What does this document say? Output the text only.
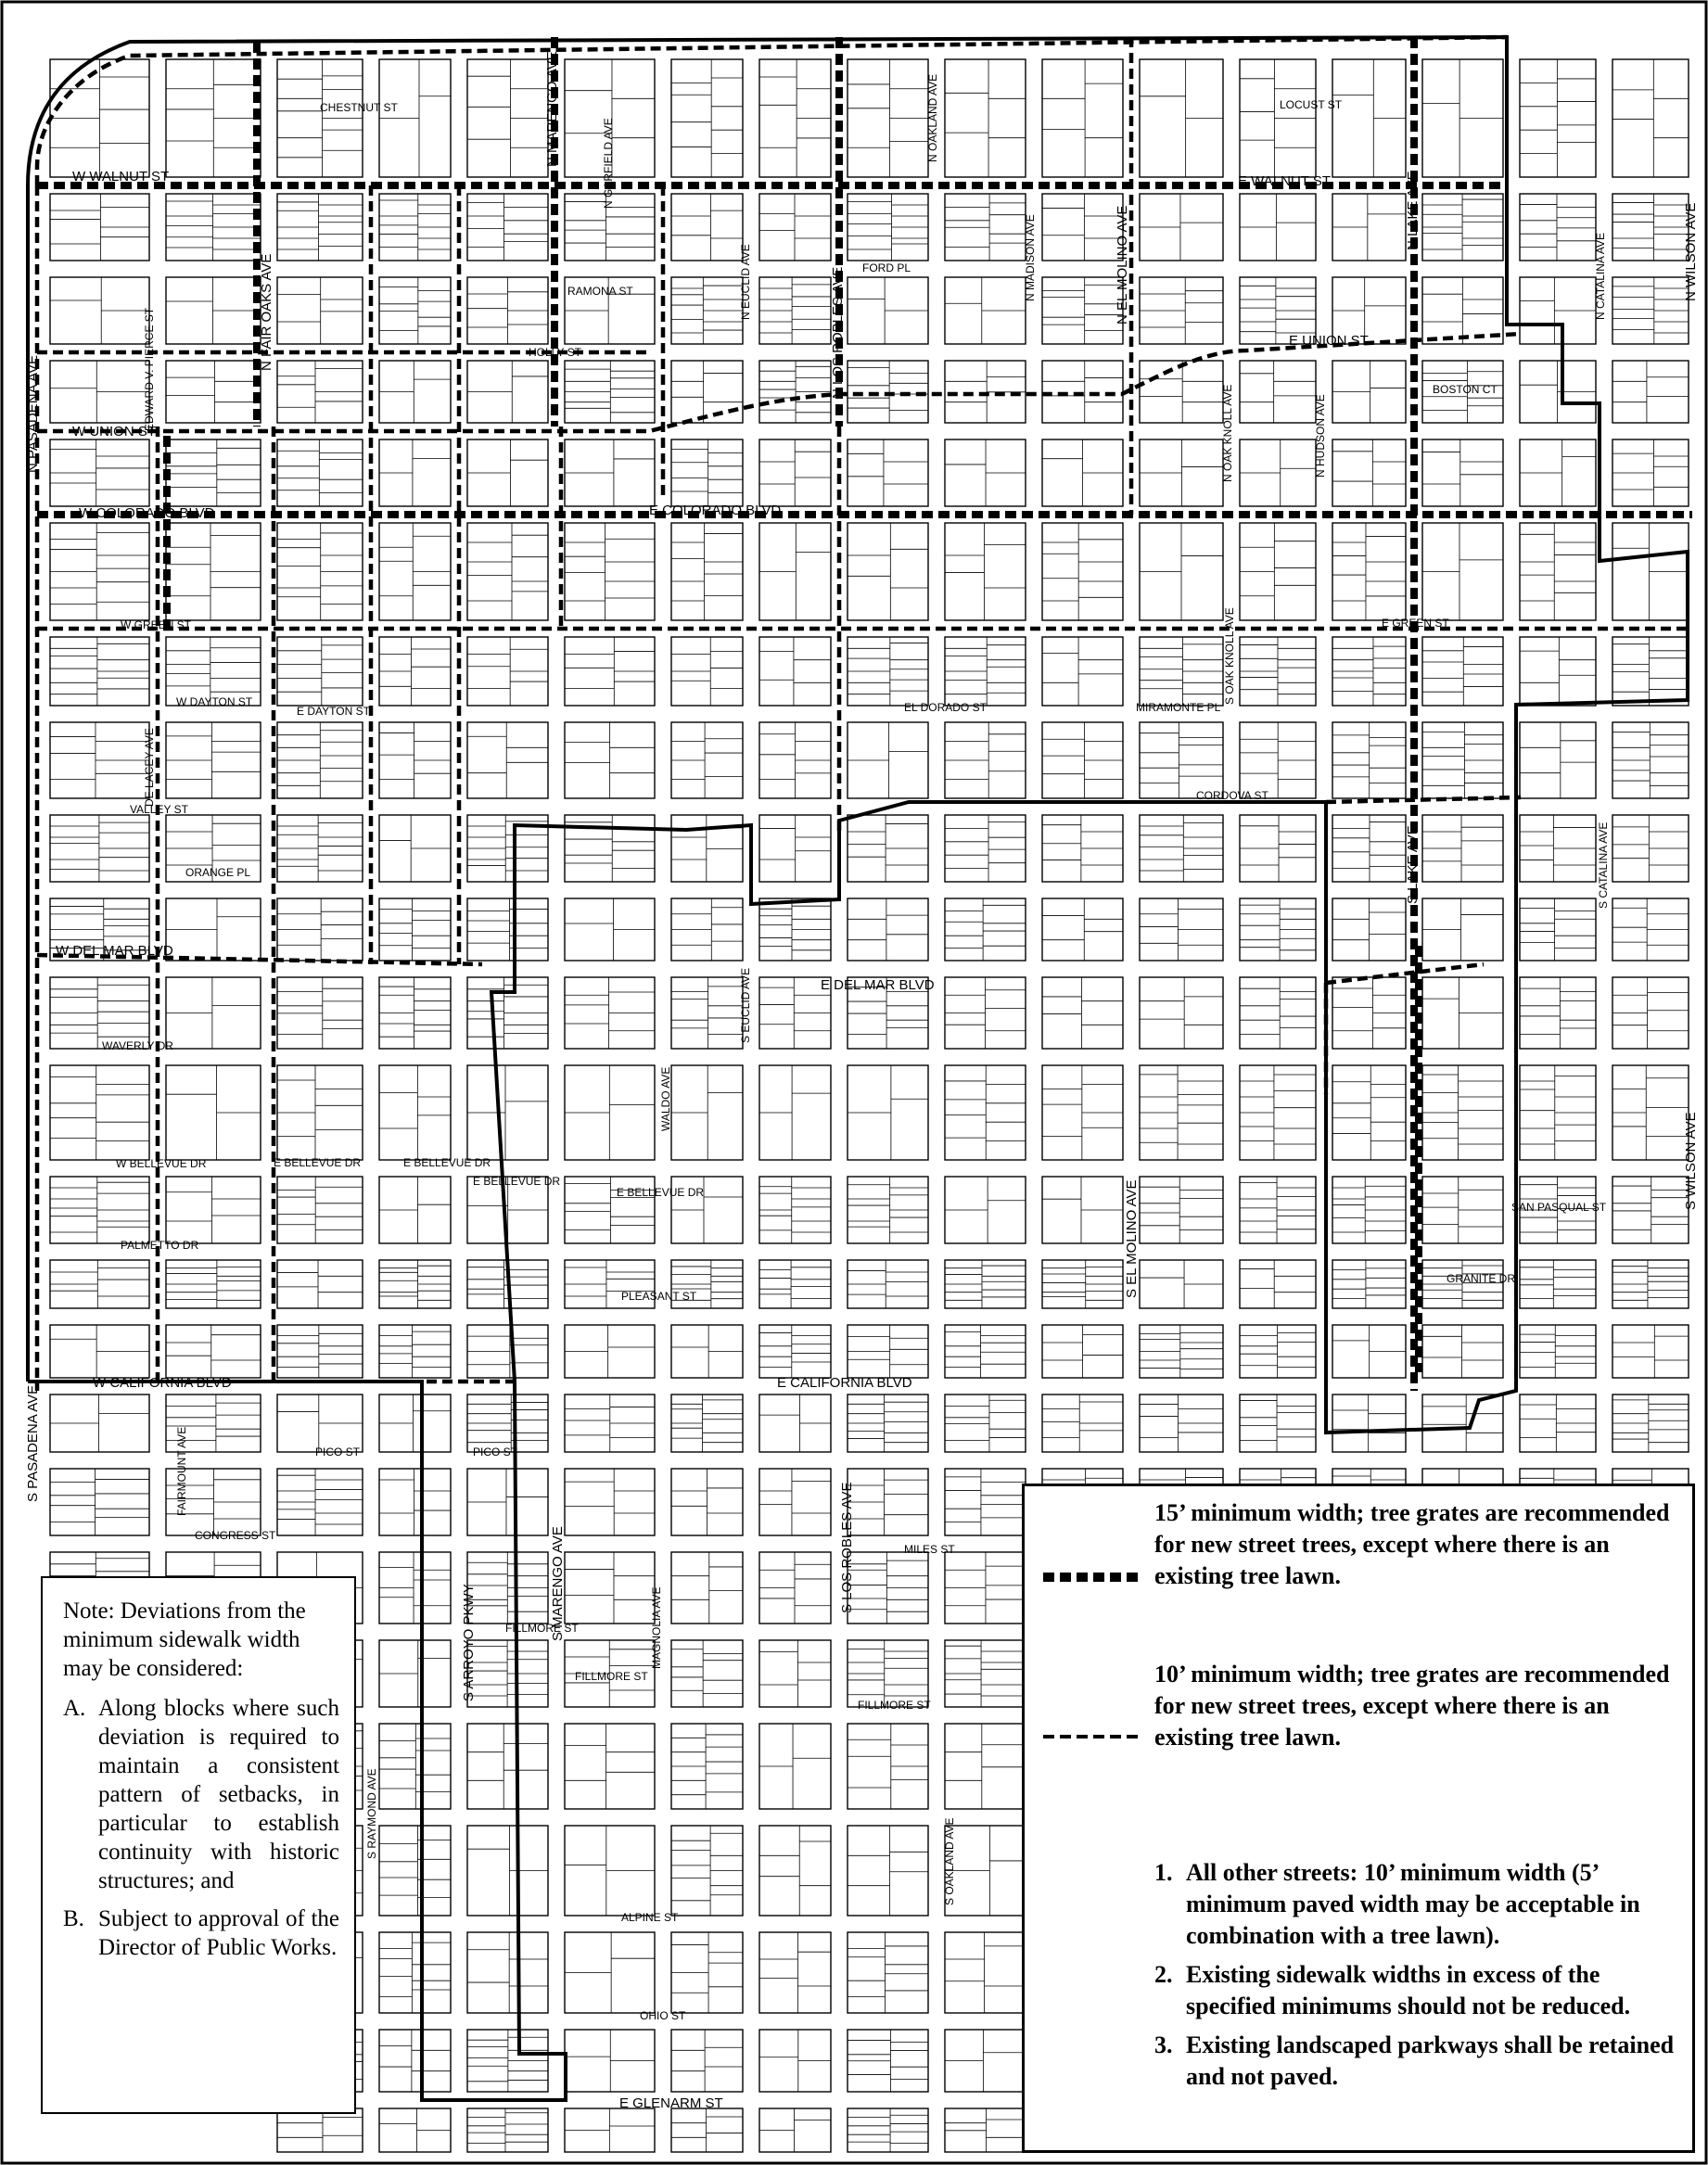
CHESTNUT ST	LOCUST ST
W WALNUT ST	E WALNUT ST
RAMONA ST
FORD PL
HOLLY ST
E UNION ST
W UNION ST
BOSTON CT
W COLORADO BLVD	E COLORADO BLVD
W GREEN ST	E GREEN ST
W DAYTON ST
E DAYTON ST	EL DORADO ST	MIRAMONTE PL
CORDOVA ST
VALLEY ST
ORANGE PL
W DEL MAR BLVD
E DEL MAR BLVD
WAVERLY DR
W BELLEVUE DR	E BELLEVUE DR	E BELLEVUE DR
E BELLEVUE DR
E BELLEVUE DR
PALMETTO DR
PLEASANT ST
SAN PASQUAL ST
GRANITE DR
W CALIFORNIA BLVD	E CALIFORNIA BLVD
PICO ST	PICO ST
CONGRESS ST
MILES ST
FILLMORE ST
FILLMORE ST
FILLMORE ST
ALPINE ST
OHIO ST
E GLENARM ST
N PASADENA AVE
S PASADENA AVE
DE LACEY AVE
N FAIR OAKS AVE
N MARENGO AVE
S MARENGO AVE
N GARFIELD AVE
N EUCLID AVE
S EUCLID AVE
N LOS ROBLES AVE
S LOS ROBLES AVE
N OAKLAND AVE
S OAKLAND AVE
N MADISON AVE	N EL MOLINO AVE
S EL MOLINO AVE
N OAK KNOLL AVE
S OAK KNOLL AVE
N HUDSON AVE
N LAKE AVE
S LAKE AVE
N CATALINA AVE
S CATALINA AVE
N WILSON AVE
S WILSON AVE
S ARROYO PKWY
S RAYMOND AVE
FAIRMOUNT AVE
WALDO AVE
MAGNOLIA AVE
EDWARD V. PIERCE ST

Note: Deviations from the minimum sidewalk width may be considered:

A. Along blocks where such deviation is required to maintain a consistent pattern of setbacks, in particular to establish continuity with historic structures; and
B. Subject to approval of the Director of Public Works.
15’ minimum width; tree grates are recommended for new street trees, except where there is an existing tree lawn.
10’ minimum width; tree grates are recommended for new street trees, except where there is an existing tree lawn.
1. All other streets: 10’ minimum width (5’ minimum paved width may be acceptable in combination with a tree lawn).
2. Existing sidewalk widths in excess of the specified minimums should not be reduced.
3. Existing landscaped parkways shall be retained and not paved.
